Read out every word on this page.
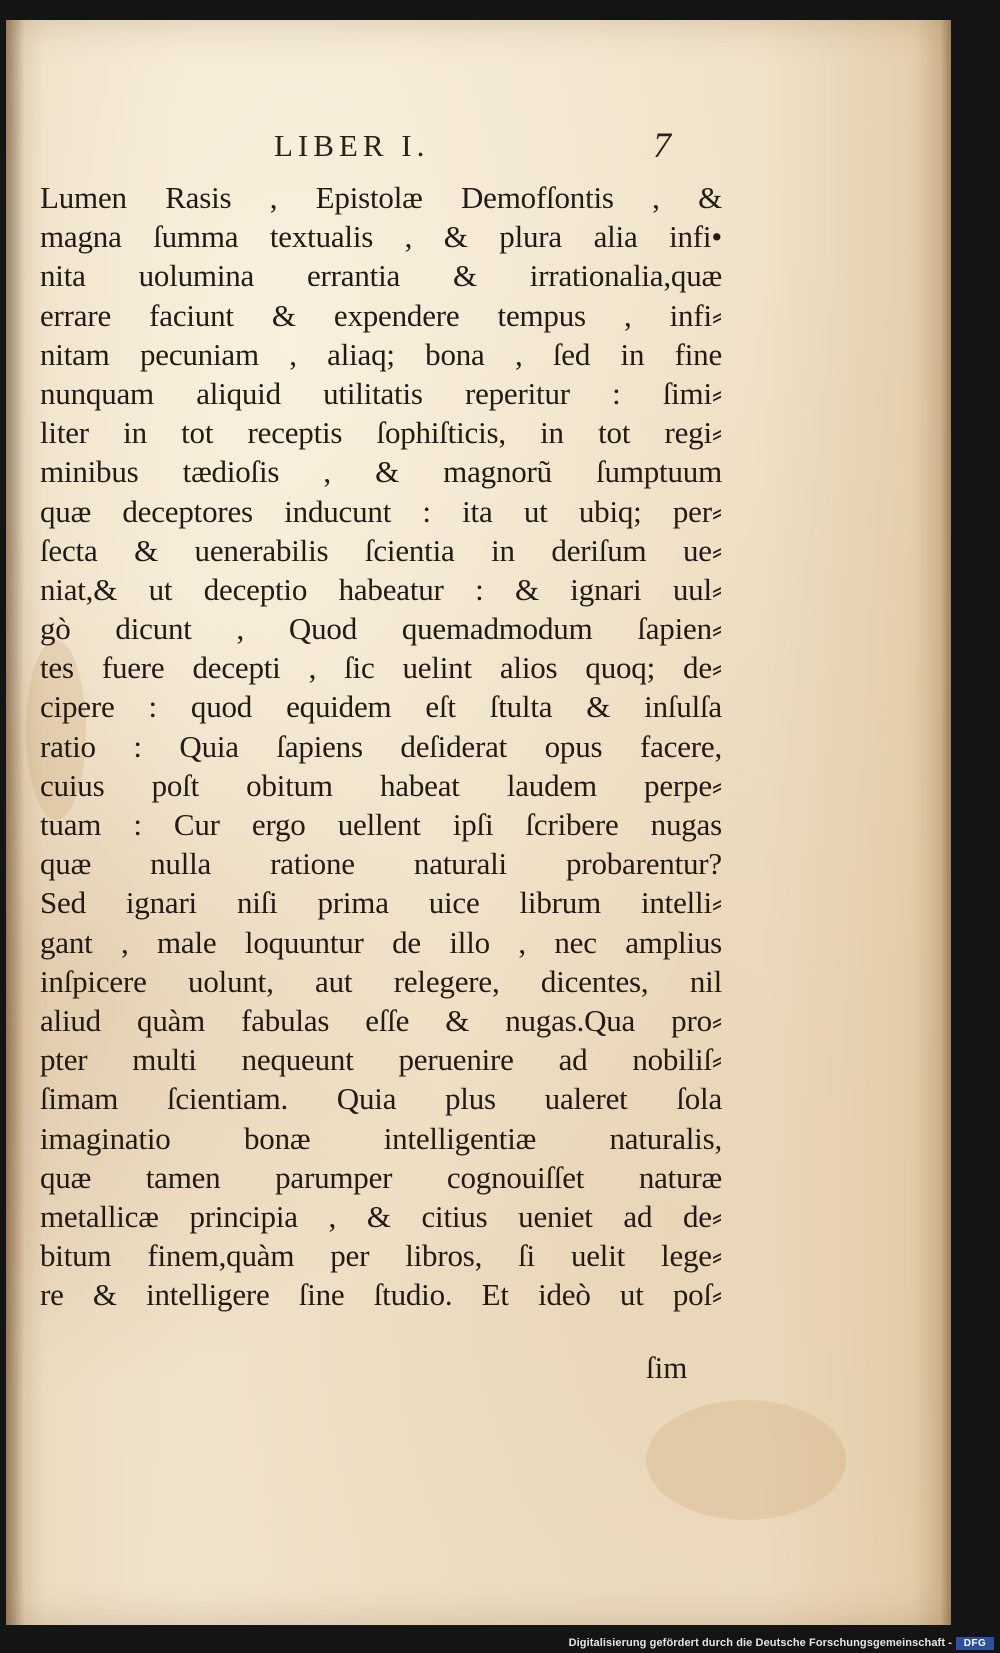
LIBER I.	7
Lumen Rasis , Epistolæ Demofſontis , &
magna ſumma textualis , & plura alia infi•
nita uolumina errantia & irrationalia,quæ
errare faciunt & expendere tempus , infi⸗
nitam pecuniam , aliaq; bona , ſed in fine
nunquam aliquid utilitatis reperitur : ſimi⸗
liter in tot receptis ſophiſticis, in tot regi⸗
minibus tædioſis , & magnorũ ſumptuum
quæ deceptores inducunt : ita ut ubiq; per⸗
ſecta & uenerabilis ſcientia in deriſum ue⸗
niat,& ut deceptio habeatur : & ignari uul⸗
gò dicunt , Quod quemadmodum ſapien⸗
tes fuere decepti , ſic uelint alios quoq; de⸗
cipere : quod equidem eſt ſtulta & inſulſa
ratio : Quia ſapiens deſiderat opus facere,
cuius poſt obitum habeat laudem perpe⸗
tuam : Cur ergo uellent ipſi ſcribere nugas
quæ nulla ratione naturali probarentur?
Sed ignari niſi prima uice librum intelli⸗
gant , male loquuntur de illo , nec amplius
inſpicere uolunt, aut relegere, dicentes, nil
aliud quàm fabulas eſſe & nugas.Qua pro⸗
pter multi nequeunt peruenire ad nobiliſ⸗
ſimam ſcientiam. Quia plus ualeret ſola
imaginatio bonæ intelligentiæ naturalis,
quæ tamen parumper cognouiſſet naturæ
metallicæ principia , & citius ueniet ad de⸗
bitum finem,quàm per libros, ſi uelit lege⸗
re & intelligere ſine ſtudio. Et ideò ut poſ⸗
ſim
Digitalisierung gefördert durch die Deutsche Forschungsgemeinschaft -	DFG
